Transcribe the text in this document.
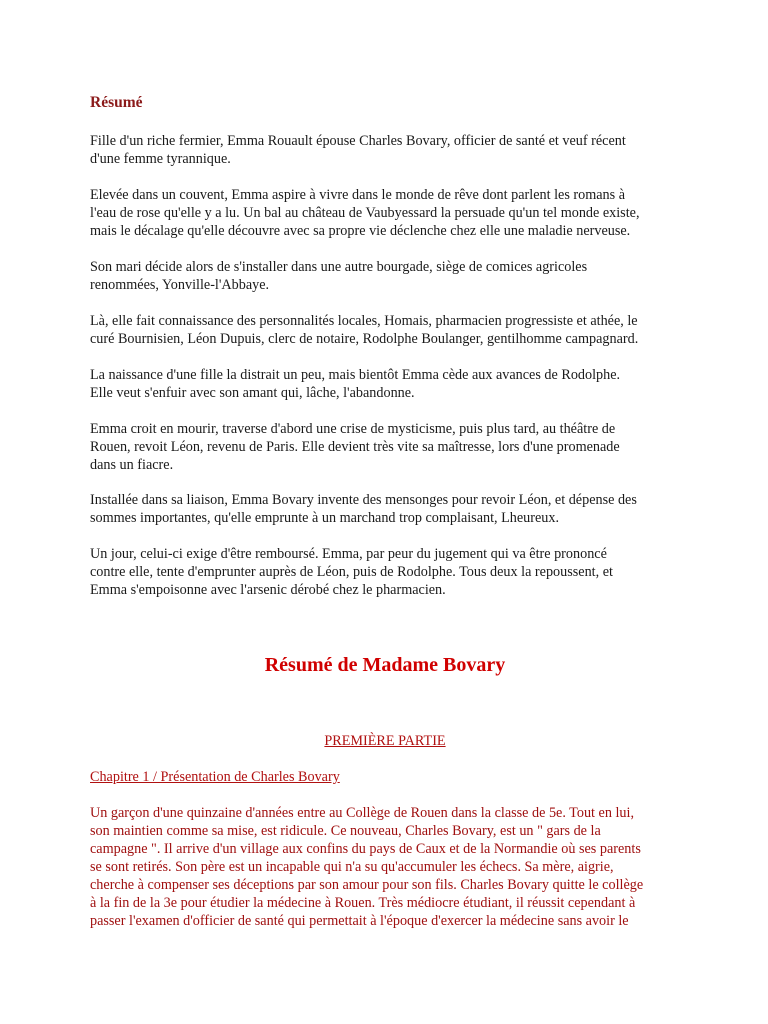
Résumé

Fille d'un riche fermier, Emma Rouault épouse Charles Bovary, officier de santé et veuf récent
d'une femme tyrannique.

Elevée dans un couvent, Emma aspire à vivre dans le monde de rêve dont parlent les romans à
l'eau de rose qu'elle y a lu. Un bal au château de Vaubyessard la persuade qu'un tel monde existe,
mais le décalage qu'elle découvre avec sa propre vie déclenche chez elle une maladie nerveuse.

Son mari décide alors de s'installer dans une autre bourgade, siège de comices agricoles
renommées, Yonville-l'Abbaye.

Là, elle fait connaissance des personnalités locales, Homais, pharmacien progressiste et athée, le
curé Bournisien, Léon Dupuis, clerc de notaire, Rodolphe Boulanger, gentilhomme campagnard.

La naissance d'une fille la distrait un peu, mais bientôt Emma cède aux avances de Rodolphe.
Elle veut s'enfuir avec son amant qui, lâche, l'abandonne.

Emma croit en mourir, traverse d'abord une crise de mysticisme, puis plus tard, au théâtre de
Rouen, revoit Léon, revenu de Paris. Elle devient très vite sa maîtresse, lors d'une promenade
dans un fiacre.

Installée dans sa liaison, Emma Bovary invente des mensonges pour revoir Léon, et dépense des
sommes importantes, qu'elle emprunte à un marchand trop complaisant, Lheureux.

Un jour, celui-ci exige d'être remboursé. Emma, par peur du jugement qui va être prononcé
contre elle, tente d'emprunter auprès de Léon, puis de Rodolphe. Tous deux la repoussent, et
Emma s'empoisonne avec l'arsenic dérobé chez le pharmacien.

Résumé de Madame Bovary
PREMIÈRE PARTIE
Chapitre 1 / Présentation de Charles Bovary

Un garçon d'une quinzaine d'années entre au Collège de Rouen dans la classe de 5e. Tout en lui,
son maintien comme sa mise, est ridicule. Ce nouveau, Charles Bovary, est un " gars de la
campagne ". Il arrive d'un village aux confins du pays de Caux et de la Normandie où ses parents
se sont retirés. Son père est un incapable qui n'a su qu'accumuler les échecs. Sa mère, aigrie,
cherche à compenser ses déceptions par son amour pour son fils. Charles Bovary quitte le collège
à la fin de la 3e pour étudier la médecine à Rouen. Très médiocre étudiant, il réussit cependant à
passer l'examen d'officier de santé qui permettait à l'époque d'exercer la médecine sans avoir le
